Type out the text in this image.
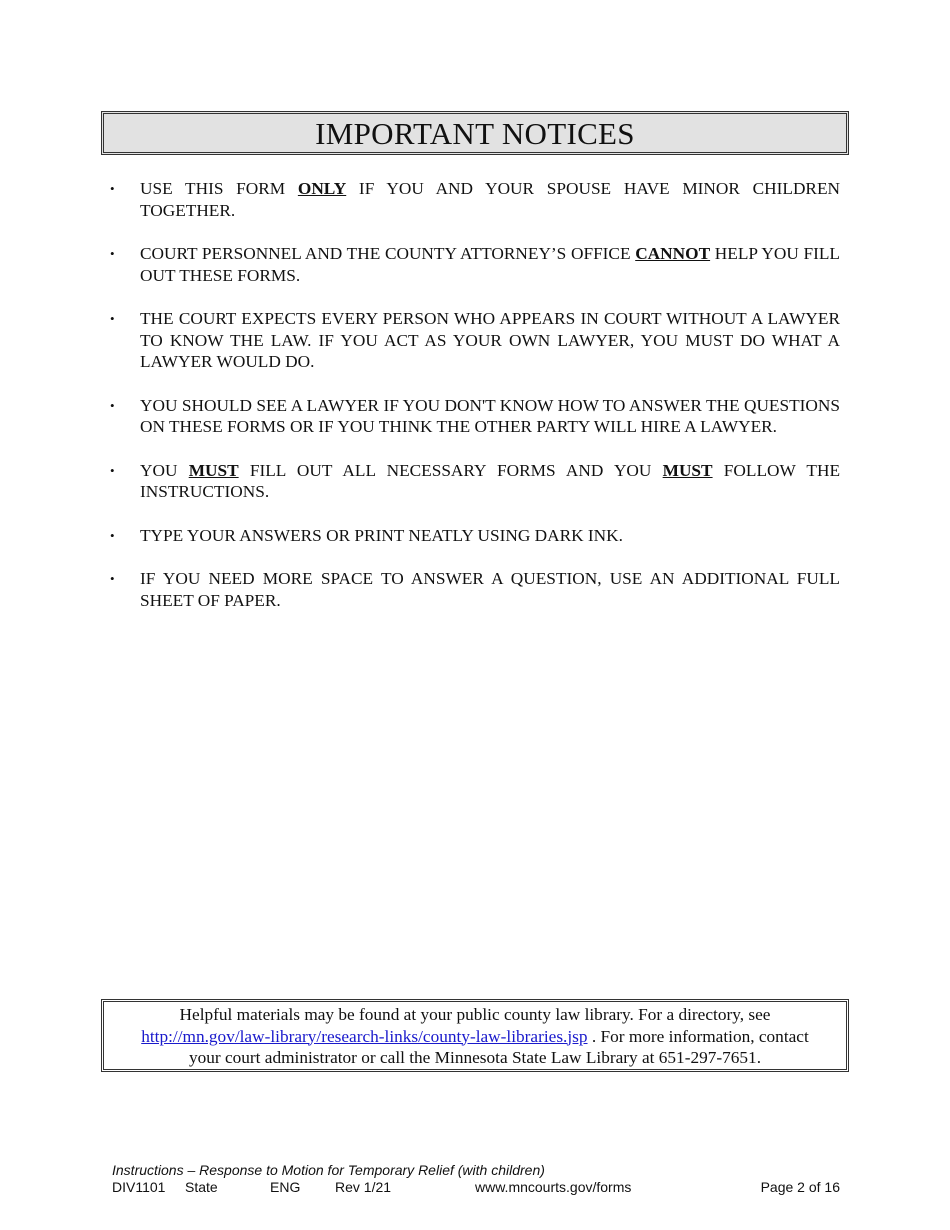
IMPORTANT NOTICES
•	USE THIS FORM ONLY IF YOU AND YOUR SPOUSE HAVE MINOR CHILDREN TOGETHER.
•	COURT PERSONNEL AND THE COUNTY ATTORNEY’S OFFICE CANNOT HELP YOU FILL OUT THESE FORMS.
•	THE COURT EXPECTS EVERY PERSON WHO APPEARS IN COURT WITHOUT A LAWYER TO KNOW THE LAW. IF YOU ACT AS YOUR OWN LAWYER, YOU MUST DO WHAT A LAWYER WOULD DO.
•	YOU SHOULD SEE A LAWYER IF YOU DON'T KNOW HOW TO ANSWER THE QUESTIONS ON THESE FORMS OR IF YOU THINK THE OTHER PARTY WILL HIRE A LAWYER.
•	YOU MUST FILL OUT ALL NECESSARY FORMS AND YOU MUST FOLLOW THE INSTRUCTIONS.
•	TYPE YOUR ANSWERS OR PRINT NEATLY USING DARK INK.
•	IF YOU NEED MORE SPACE TO ANSWER A QUESTION, USE AN ADDITIONAL FULL SHEET OF PAPER.
Helpful materials may be found at your public county law library. For a directory, see
http://mn.gov/law-library/research-links/county-law-libraries.jsp . For more information, contact
your court administrator or call the Minnesota State Law Library at 651-297-7651.
Instructions – Response to Motion for Temporary Relief (with children)
DIV1101 State	ENG Rev 1/21	www.mncourts.gov/forms	Page 2 of 16
